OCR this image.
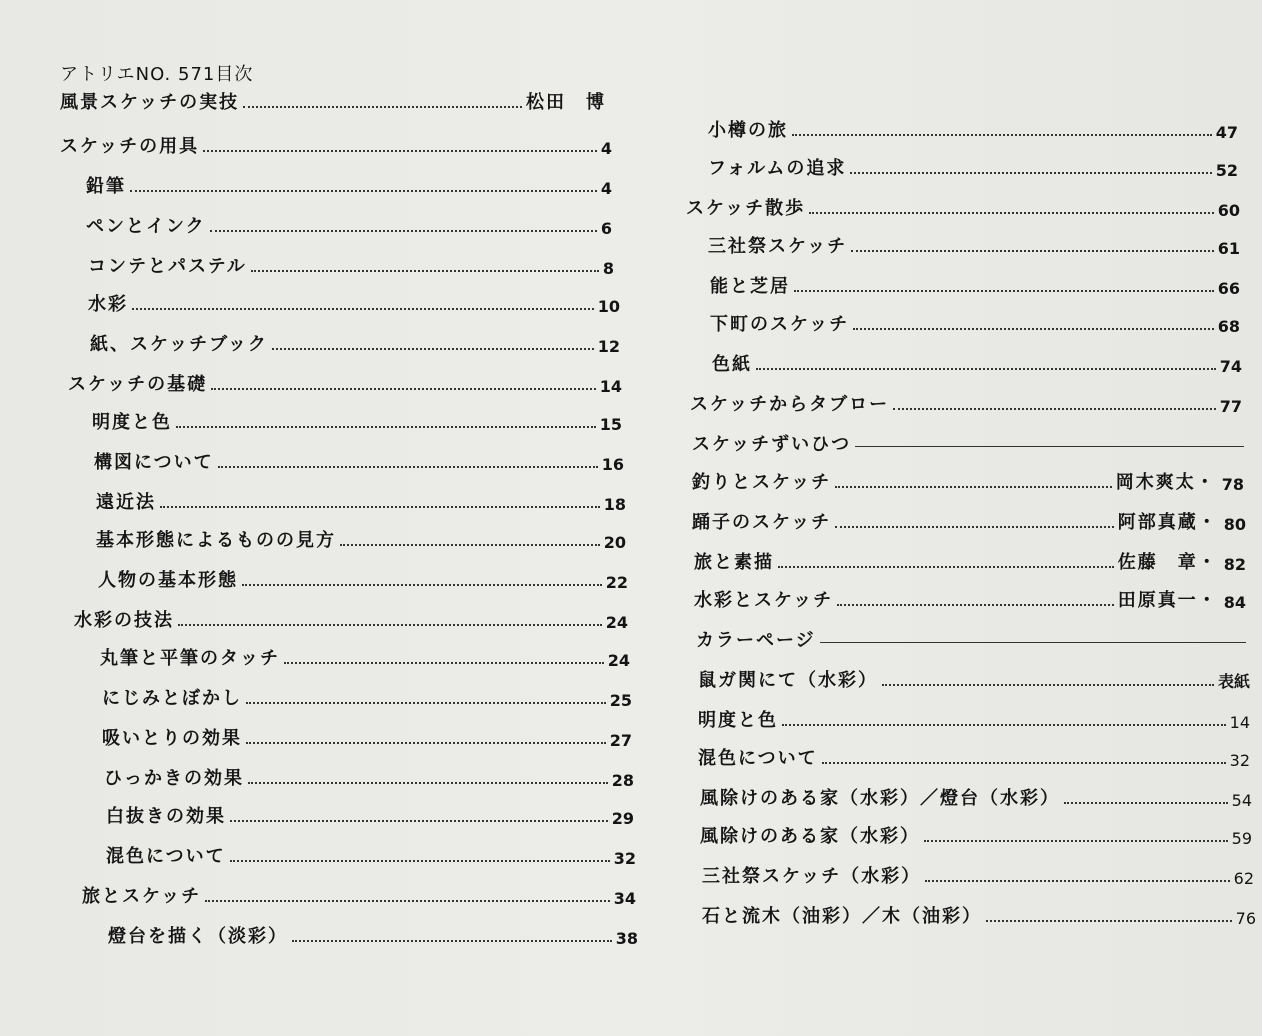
アトリエNO. 571目次
風景スケッチの実技	松田　博
スケッチの用具	4
鉛筆	4
ペンとインク	6
コンテとパステル	8
水彩	10
紙、スケッチブック	12
スケッチの基礎	14
明度と色	15
構図について	16
遠近法	18
基本形態によるものの見方	20
人物の基本形態	22
水彩の技法	24
丸筆と平筆のタッチ	24
にじみとぼかし	25
吸いとりの効果	27
ひっかきの効果	28
白抜きの効果	29
混色について	32
旅とスケッチ	34
燈台を描く（淡彩）	38
小樽の旅	47
フォルムの追求	52
スケッチ散歩	60
三社祭スケッチ	61
能と芝居	66
下町のスケッチ	68
色紙	74
スケッチからタブロー	77
スケッチずいひつ
釣りとスケッチ	岡木爽太・ 78
踊子のスケッチ	阿部真蔵・ 80
旅と素描	佐藤　章・ 82
水彩とスケッチ	田原真一・ 84
カラーページ
鼠ガ関にて（水彩）	表紙
明度と色	14
混色について	32
風除けのある家（水彩）／燈台（水彩）	54
風除けのある家（水彩）	59
三社祭スケッチ（水彩）	62
石と流木（油彩）／木（油彩）	76
